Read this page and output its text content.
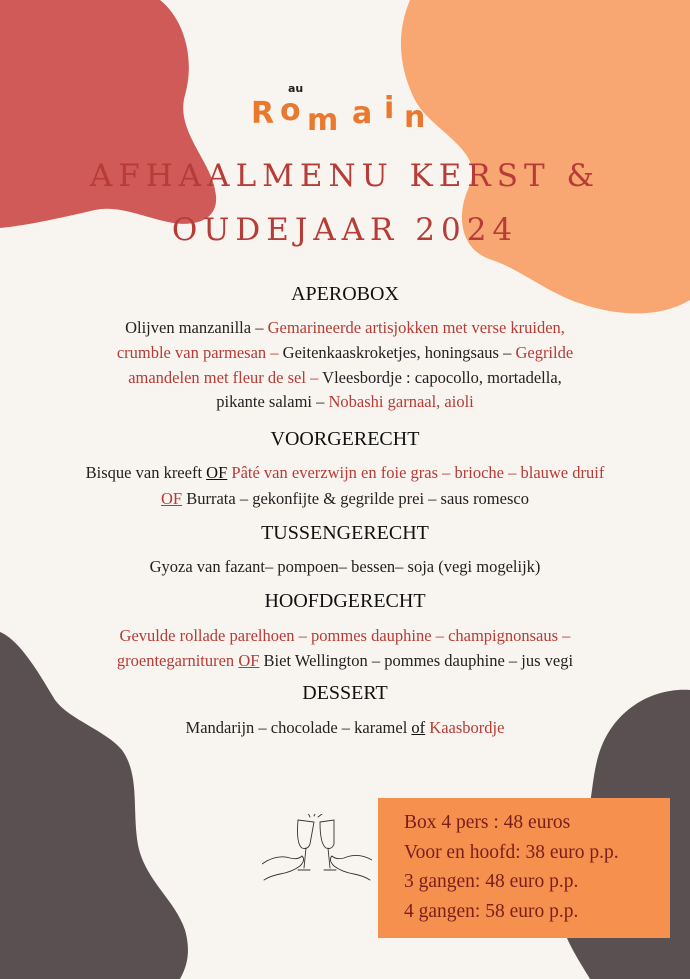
au
R o m a i n
AFHAALMENU KERST &
OUDEJAAR 2024
APEROBOX
Olijven manzanilla – Gemarineerde artisjokken met verse kruiden,
crumble van parmesan – Geitenkaaskroketjes, honingsaus – Gegrilde
amandelen met fleur de sel – Vleesbordje : capocollo, mortadella,
pikante salami – Nobashi garnaal, aioli
VOORGERECHT
Bisque van kreeft OF Pâté van everzwijn en foie gras – brioche – blauwe druif
OF Burrata – gekonfijte & gegrilde prei – saus romesco
TUSSENGERECHT
Gyoza van fazant– pompoen– bessen– soja (vegi mogelijk)
HOOFDGERECHT
Gevulde rollade parelhoen – pommes dauphine – champignonsaus –
groentegarnituren OF Biet Wellington – pommes dauphine – jus vegi
DESSERT
Mandarijn – chocolade – karamel of Kaasbordje
Box 4 pers : 48 euros
Voor en hoofd: 38 euro p.p.
3 gangen: 48 euro p.p.
4 gangen: 58 euro p.p.
